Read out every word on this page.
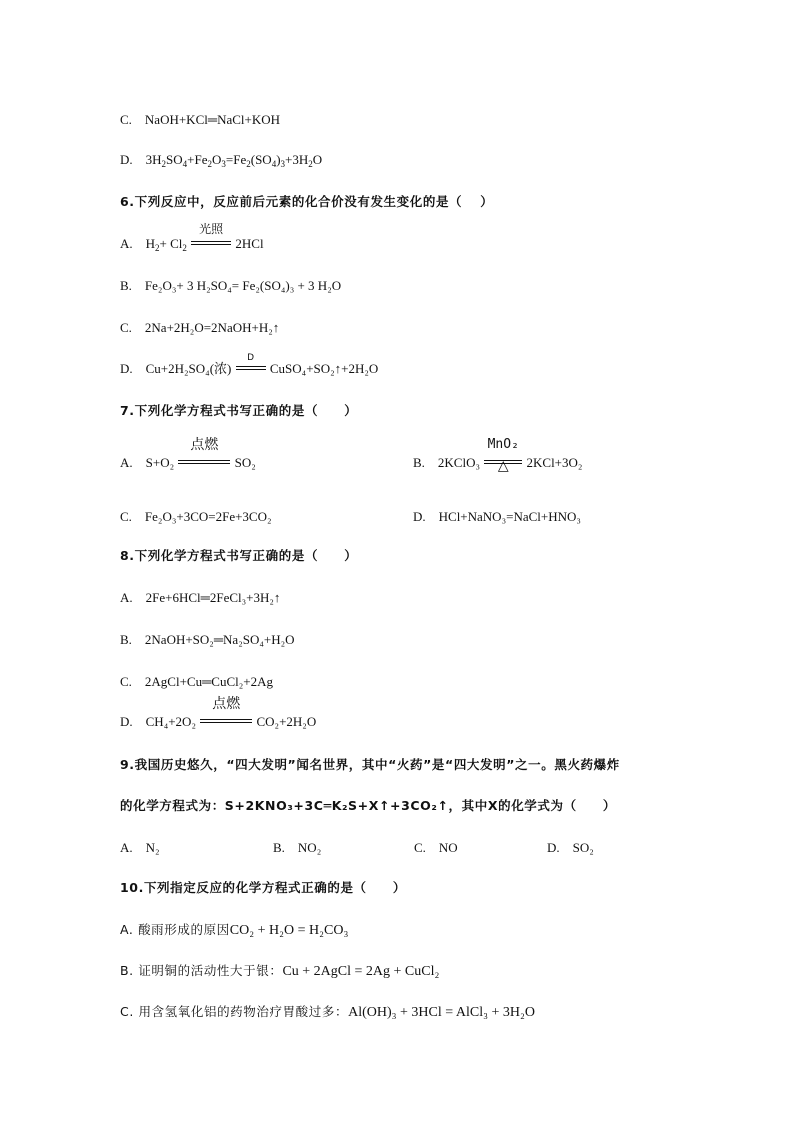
C.　NaOH+KCl═NaCl+KOH
D.　$3H_2SO_4+Fe_2O_3=Fe_2(SO_4)_3+3H_2O$
6.下列反应中，反应前后元素的化合价没有发生变化的是（　 ）
A.　$H_2+ Cl_2$
光照
2HCl
B.　Fe₂O₃+ 3 H₂SO₄= Fe₂(SO₄)₃ + 3 H₂O
C.　2Na+2H₂O=2NaOH+H₂↑
D.　Cu+2H₂SO₄(浓)
D
CuSO₄+SO₂↑+2H₂O
7.下列化学方程式书写正确的是（　　）
A.　S+O₂
点燃
SO₂	B.　2KClO₃
MnO₂
△	2KCl+3O₂
C.　Fe₂O₃+3CO=2Fe+3CO₂	D.　HCl+NaNO₃=NaCl+HNO₃
8.下列化学方程式书写正确的是（　　）
A.　2Fe+6HCl═2FeCl₃+3H₂↑
B.　2NaOH+SO₂═Na₂SO₄+H₂O
C.　2AgCl+Cu═CuCl₂+2Ag
D.　CH₄+2O₂
点燃
CO₂+2H₂O
9.我国历史悠久，“四大发明”闻名世界，其中“火药”是“四大发明”之一。黑火药爆炸
的化学方程式为：S+2KNO₃+3C═K₂S+X↑+3CO₂↑，其中X的化学式为（　　）
A.　N₂	B.　NO₂	C.　NO	D.　SO₂
10.下列指定反应的化学方程式正确的是（　　）
A. 酸雨形成的原因CO₂ + H₂O = H₂CO₃
B. 证明铜的活动性大于银：Cu + 2AgCl = 2Ag + CuCl₂
C. 用含氢氧化铝的药物治疗胃酸过多：Al(OH)₃ + 3HCl = AlCl₃ + 3H₂O
